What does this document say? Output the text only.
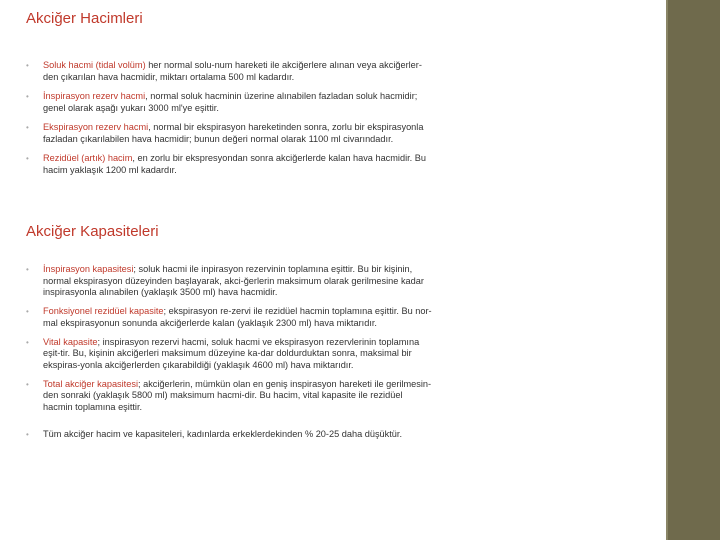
Akciğer Hacimleri
• Soluk hacmi (tidal volüm) her normal solu-num hareketi ile akciğerlere alınan veya akciğerler-den çıkarılan hava hacmidir, miktarı ortalama 500 ml kadardır.
• İnspirasyon rezerv hacmi, normal soluk hacminin üzerine alınabilen fazladan soluk hacmidir; genel olarak aşağı yukarı 3000 ml'ye eşittir.
• Ekspirasyon rezerv hacmi, normal bir ekspirasyon hareketinden sonra, zorlu bir ekspirasyonla fazladan çıkarılabilen hava hacmidir; bunun değeri normal olarak 1100 ml civarındadır.
• Rezidüel (artık) hacim, en zorlu bir ekspresyondan sonra akciğerlerde kalan hava hacmidir. Bu hacim yaklaşık 1200 ml kadardır.
Akciğer Kapasiteleri
• İnspirasyon kapasitesi; soluk hacmi ile inpirasyon rezervinin toplamına eşittir. Bu bir kişinin, normal ekspirasyon düzeyinden başlayarak, akci-ğerlerin maksimum olarak gerilmesine kadar inspirasyonla alınabilen (yaklaşık 3500 ml) hava hacmidir.
• Fonksiyonel rezidüel kapasite; ekspirasyon re-zervi ile rezidüel hacmin toplamına eşittir. Bu nor-mal ekspirasyonun sonunda akciğerlerde kalan (yaklaşık 2300 ml) hava miktarıdır.
• Vital kapasite; inspirasyon rezervi hacmi, soluk hacmi ve ekspirasyon rezervlerinin toplamına eşit-tir. Bu, kişinin akciğerleri maksimum düzeyine ka-dar doldurduktan sonra, maksimal bir ekspiras-yonla akciğerlerden çıkarabildiği (yaklaşık 4600 ml) hava miktarıdır.
• Total akciğer kapasitesi; akciğerlerin, mümkün olan en geniş inspirasyon hareketi ile gerilmesin-den sonraki (yaklaşık 5800 ml) maksimum hacmi-dir. Bu hacim, vital kapasite ile rezidüel hacmin toplamına eşittir.
• Tüm akciğer hacim ve kapasiteleri, kadınlarda erkeklerdekinden % 20-25 daha düşüktür.
